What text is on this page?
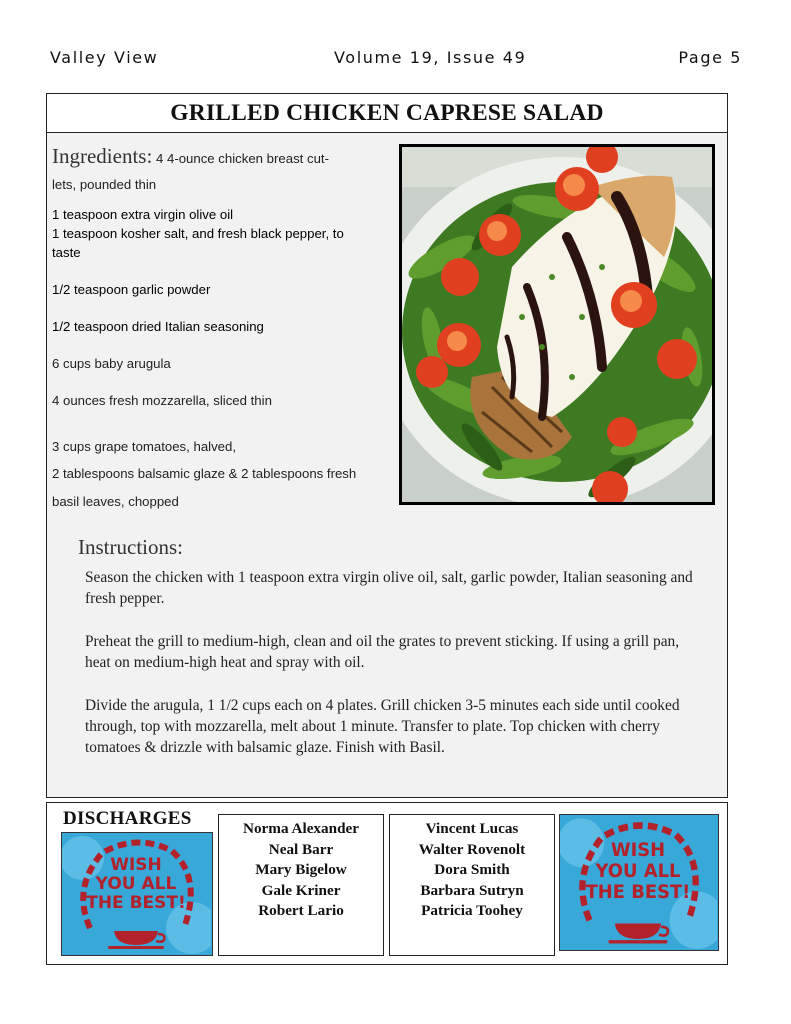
Valley View	Volume 19, Issue 49	Page 5
GRILLED CHICKEN CAPRESE SALAD
Ingredients: 4 4-ounce chicken breast cut-
lets, pounded thin
1 teaspoon extra virgin olive oil
1 teaspoon kosher salt, and fresh black pepper, to
taste
1/2 teaspoon garlic powder
1/2 teaspoon dried Italian seasoning
6 cups baby arugula
4 ounces fresh mozzarella, sliced thin
3 cups grape tomatoes, halved,
2 tablespoons balsamic glaze & 2 tablespoons fresh
basil leaves, chopped
Instructions:
Season the chicken with 1 teaspoon extra virgin olive oil, salt, garlic powder, Italian seasoning and fresh pepper.
Preheat the grill to medium-high, clean and oil the grates to prevent sticking. If using a grill pan, heat on medium-high heat and spray with oil.
Divide the arugula, 1 1/2 cups each on 4 plates. Grill chicken 3-5 minutes each side until cooked through, top with mozzarella, melt about 1 minute. Transfer to plate. Top chicken with cherry tomatoes & drizzle with balsamic glaze. Finish with Basil.
DISCHARGES
WISH
YOU ALL
THE BEST!
Norma Alexander
Neal Barr
Mary Bigelow
Gale Kriner
Robert Lario
Vincent Lucas
Walter Rovenolt
Dora Smith
Barbara Sutryn
Patricia Toohey
WISH
YOU ALL
THE BEST!
